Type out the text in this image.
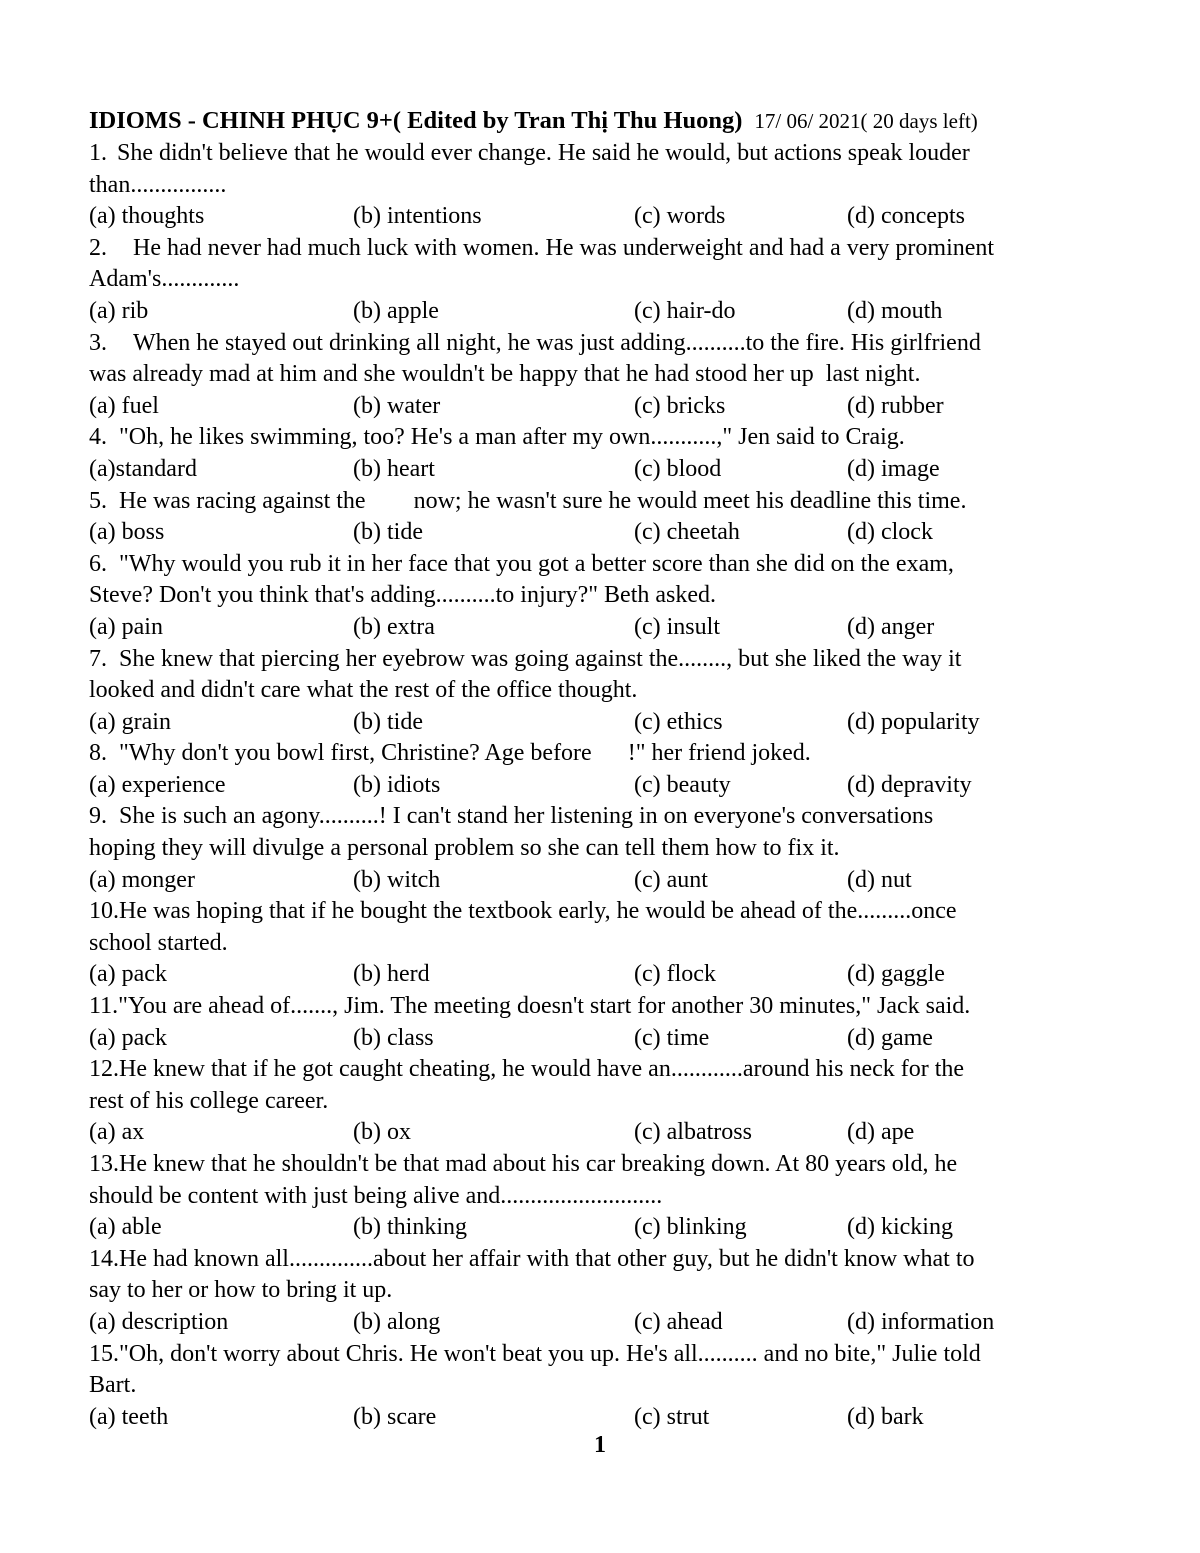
IDIOMS - CHINH PHỤC 9+( Edited by Tran Thị Thu Huong) 17/ 06/ 2021( 20 days left)
1. She didn't believe that he would ever change. He said he would, but actions speak louder
than................
(a) thoughts	(b) intentions	(c) words	(d) concepts
2. He had never had much luck with women. He was underweight and had a very prominent
Adam's.............
(a) rib	(b) apple	(c) hair-do	(d) mouth
3. When he stayed out drinking all night, he was just adding..........to the fire. His girlfriend
was already mad at him and she wouldn't be happy that he had stood her up  last night.
(a) fuel	(b) water	(c) bricks	(d) rubber
4. "Oh, he likes swimming, too? He's a man after my own...........," Jen said to Craig.
(a)standard	(b) heart	(c) blood	(d) image
5. He was racing against the        now; he wasn't sure he would meet his deadline this time.
(a) boss	(b) tide	(c) cheetah	(d) clock
6. "Why would you rub it in her face that you got a better score than she did on the exam,
Steve? Don't you think that's adding..........to injury?" Beth asked.
(a) pain	(b) extra	(c) insult	(d) anger
7. She knew that piercing her eyebrow was going against the........, but she liked the way it
looked and didn't care what the rest of the office thought.
(a) grain	(b) tide	(c) ethics	(d) popularity
8. "Why don't you bowl first, Christine? Age before      !" her friend joked.
(a) experience	(b) idiots	(c) beauty	(d) depravity
9. She is such an agony..........! I can't stand her listening in on everyone's conversations
hoping they will divulge a personal problem so she can tell them how to fix it.
(a) monger	(b) witch	(c) aunt	(d) nut
10.He was hoping that if he bought the textbook early, he would be ahead of the.........once
school started.
(a) pack	(b) herd	(c) flock	(d) gaggle
11."You are ahead of......., Jim. The meeting doesn't start for another 30 minutes," Jack said.
(a) pack	(b) class	(c) time	(d) game
12.He knew that if he got caught cheating, he would have an............around his neck for the
rest of his college career.
(a) ax	(b) ox	(c) albatross	(d) ape
13.He knew that he shouldn't be that mad about his car breaking down. At 80 years old, he
should be content with just being alive and...........................
(a) able	(b) thinking	(c) blinking	(d) kicking
14.He had known all..............about her affair with that other guy, but he didn't know what to
say to her or how to bring it up.
(a) description	(b) along	(c) ahead	(d) information
15."Oh, don't worry about Chris. He won't beat you up. He's all.......... and no bite," Julie told
Bart.
(a) teeth	(b) scare	(c) strut	(d) bark
1
